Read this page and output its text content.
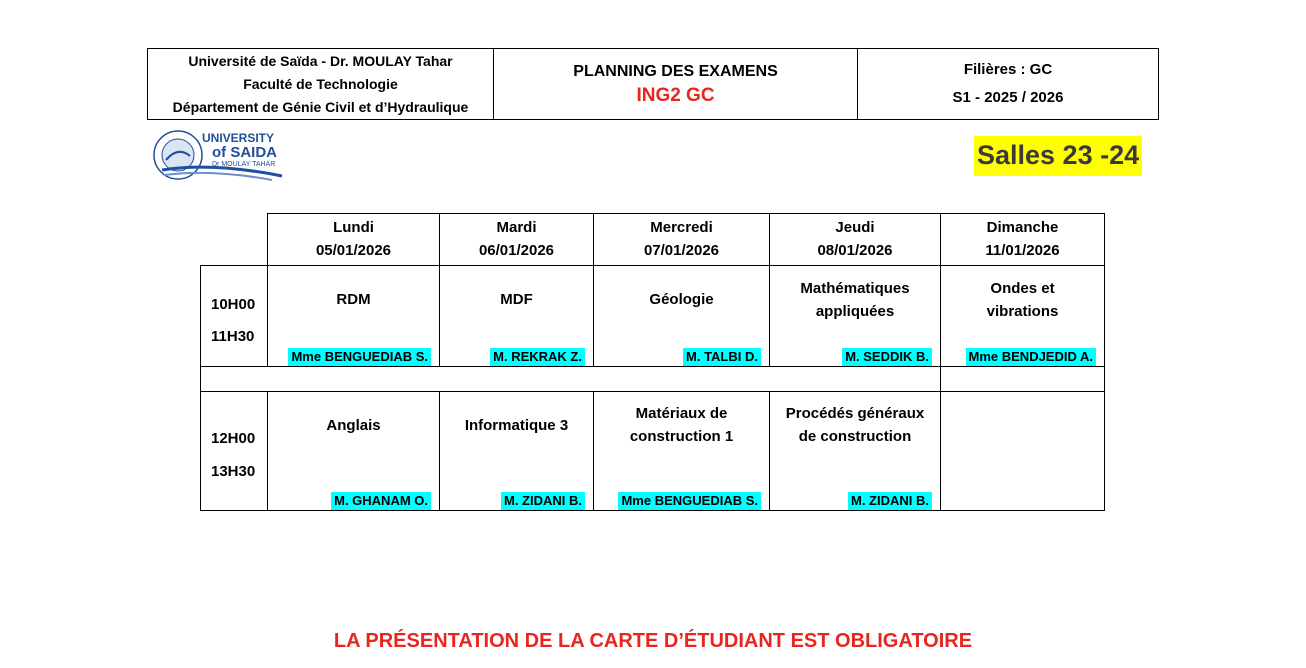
Université de Saïda - Dr. MOULAY Tahar
Faculté de Technologie
Département de Génie Civil et d’Hydraulique
PLANNING DES EXAMENS
ING2 GC
Filières : GC
S1 - 2025 / 2026
UNIVERSITY
of SAIDA
Dr MOULAY TAHAR	Salles 23 -24
Lundi
05/01/2026
Mardi
06/01/2026
Mercredi
07/01/2026
Jeudi
08/01/2026
Dimanche
11/01/2026
10H00
11H30
RDM
Mme BENGUEDIAB S.
MDF
M. REKRAK Z.
Géologie
M. TALBI D.
Mathématiques
appliquées
M. SEDDIK B.
Ondes et
vibrations
Mme BENDJEDID A.
12H00
13H30
Anglais
M. GHANAM O.
Informatique 3
M. ZIDANI B.
Matériaux de
construction 1
Mme BENGUEDIAB S.
Procédés généraux
de construction
M. ZIDANI B.
LA PRÉSENTATION DE LA CARTE D’ÉTUDIANT EST OBLIGATOIRE
